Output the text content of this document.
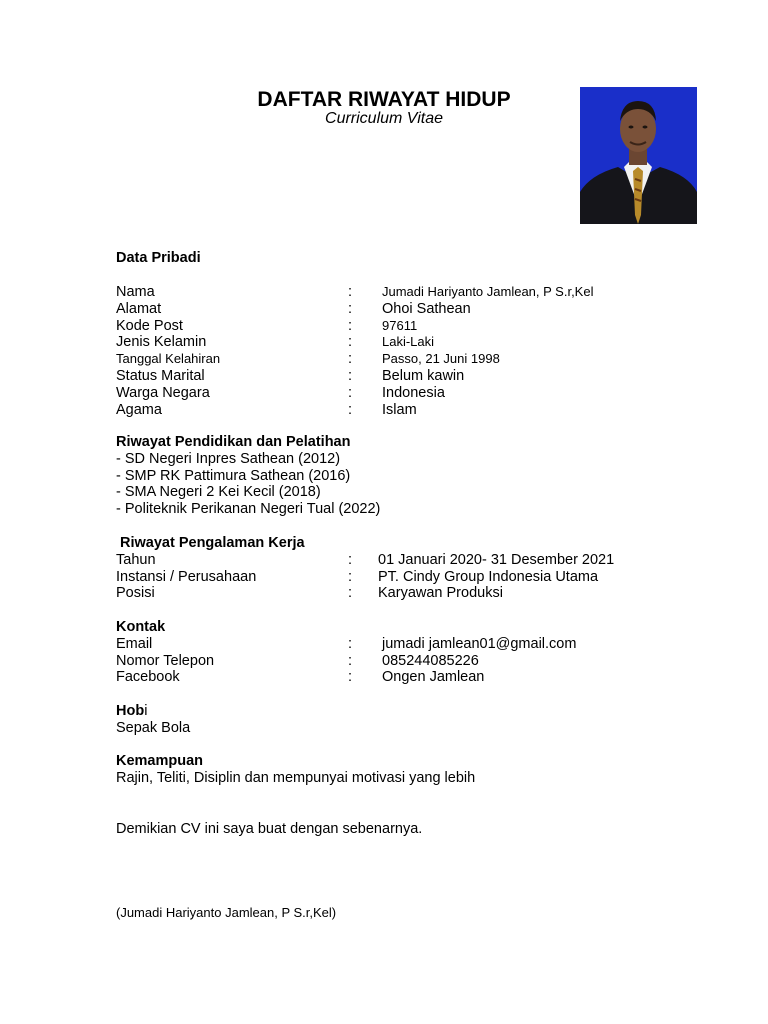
DAFTAR RIWAYAT HIDUP
Curriculum Vitae
Data Pribadi
Nama	: Jumadi Hariyanto Jamlean, P S.r,Kel
Alamat	: Ohoi Sathean
Kode Post	: 97611
Jenis Kelamin	: Laki-Laki
Tanggal Kelahiran	: Passo, 21 Juni 1998
Status Marital	: Belum kawin
Warga Negara	: Indonesia
Agama	: Islam
Riwayat Pendidikan dan Pelatihan
- SD Negeri Inpres Sathean (2012)
- SMP RK Pattimura Sathean (2016)
- SMA Negeri 2 Kei Kecil (2018)
- Politeknik Perikanan Negeri Tual (2022)
Riwayat Pengalaman Kerja
Tahun	: 01 Januari 2020- 31 Desember 2021
Instansi / Perusahaan	: PT. Cindy Group Indonesia Utama
Posisi	: Karyawan Produksi
Kontak
Email	: jumadi jamlean01@gmail.com
Nomor Telepon	: 085244085226
Facebook	: Ongen Jamlean
Hobi
Sepak Bola
Kemampuan
Rajin, Teliti, Disiplin dan mempunyai motivasi yang lebih
Demikian CV ini saya buat dengan sebenarnya.
(Jumadi Hariyanto Jamlean, P S.r,Kel)
